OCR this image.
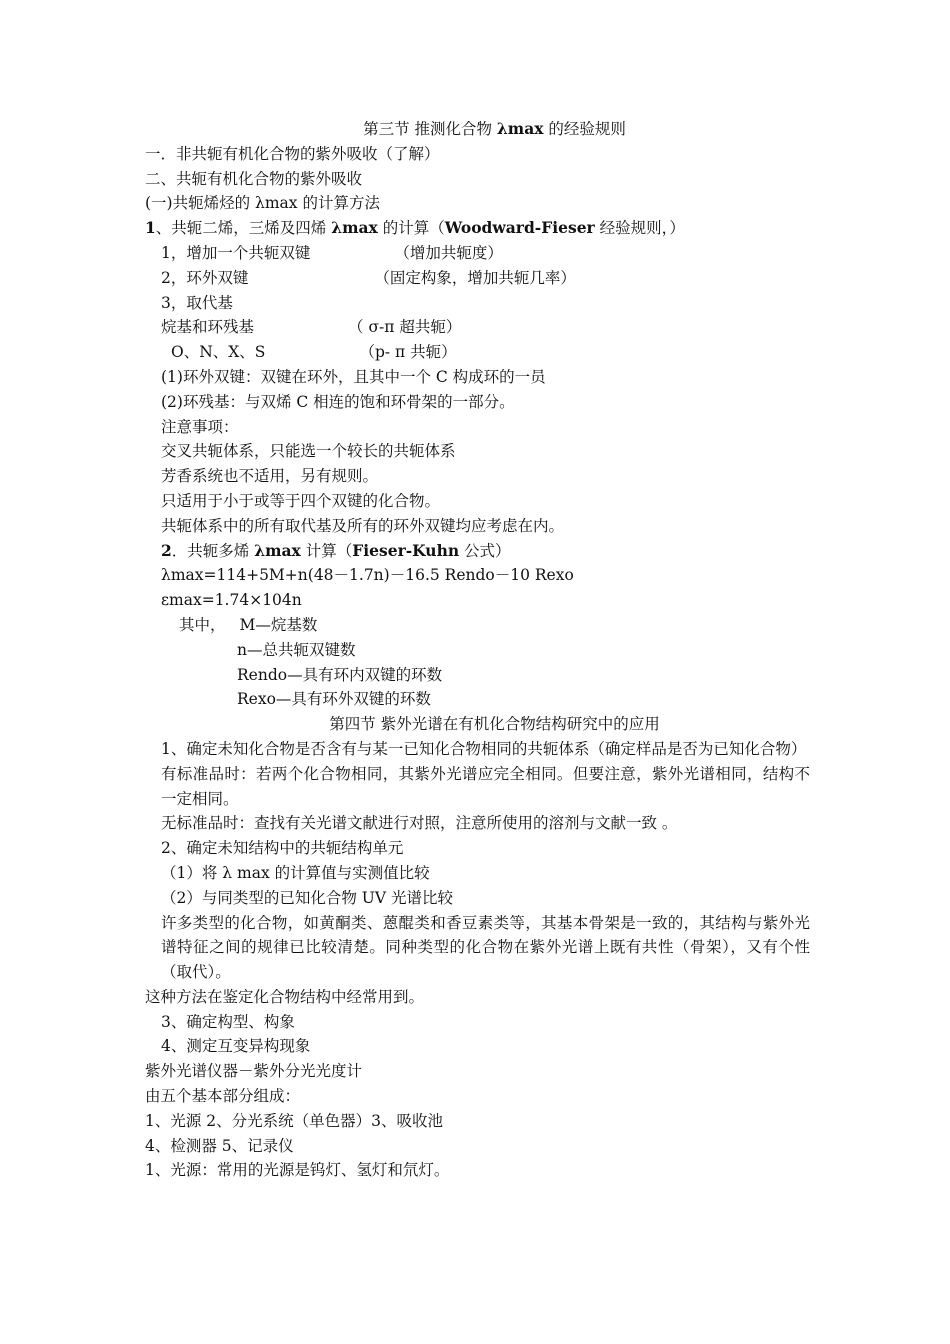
第三节 推测化合物 λmax 的经验规则

一．非共轭有机化合物的紫外吸收（了解）

二、共轭有机化合物的紫外吸收

(一)共轭烯烃的 λmax 的计算方法

1、共轭二烯，三烯及四烯 λmax 的计算（Woodward-Fieser 经验规则，）

1，增加一个共轭双键	（增加共轭度）

2，环外双键	（固定构象，增加共轭几率）

3，取代基

烷基和环残基	（ σ-π 超共轭）

O、N、X、S	（p- π 共轭）

(1)环外双键：双键在环外，且其中一个 C 构成环的一员

(2)环残基：与双烯 C 相连的饱和环骨架的一部分。

注意事项：

交叉共轭体系，只能选一个较长的共轭体系

芳香系统也不适用，另有规则。

只适用于小于或等于四个双键的化合物。

共轭体系中的所有取代基及所有的环外双键均应考虑在内。

2．共轭多烯 λmax 计算（Fieser-Kuhn 公式）

λmax=114+5M+n(48－1.7n)－16.5 Rendo－10 Rexo

εmax=1.74×104n

其中， M—烷基数

n—总共轭双键数

Rendo—具有环内双键的环数

Rexo—具有环外双键的环数

第四节 紫外光谱在有机化合物结构研究中的应用

1、确定未知化合物是否含有与某一已知化合物相同的共轭体系（确定样品是否为已知化合物）

有标准品时：若两个化合物相同，其紫外光谱应完全相同。但要注意，紫外光谱相同，结构不一定相同。

无标准品时：查找有关光谱文献进行对照，注意所使用的溶剂与文献一致 。

2、确定未知结构中的共轭结构单元

（1）将 λ max 的计算值与实测值比较

（2）与同类型的已知化合物 UV 光谱比较

许多类型的化合物，如黄酮类、蒽醌类和香豆素类等，其基本骨架是一致的，其结构与紫外光谱特征之间的规律已比较清楚。同种类型的化合物在紫外光谱上既有共性（骨架），又有个性（取代）。

这种方法在鉴定化合物结构中经常用到。

3、确定构型、构象

4、测定互变异构现象

紫外光谱仪器－紫外分光光度计

由五个基本部分组成：

1、光源 2、分光系统（单色器）3、吸收池

4、检测器 5、记录仪

1、光源：常用的光源是钨灯、氢灯和氘灯。
